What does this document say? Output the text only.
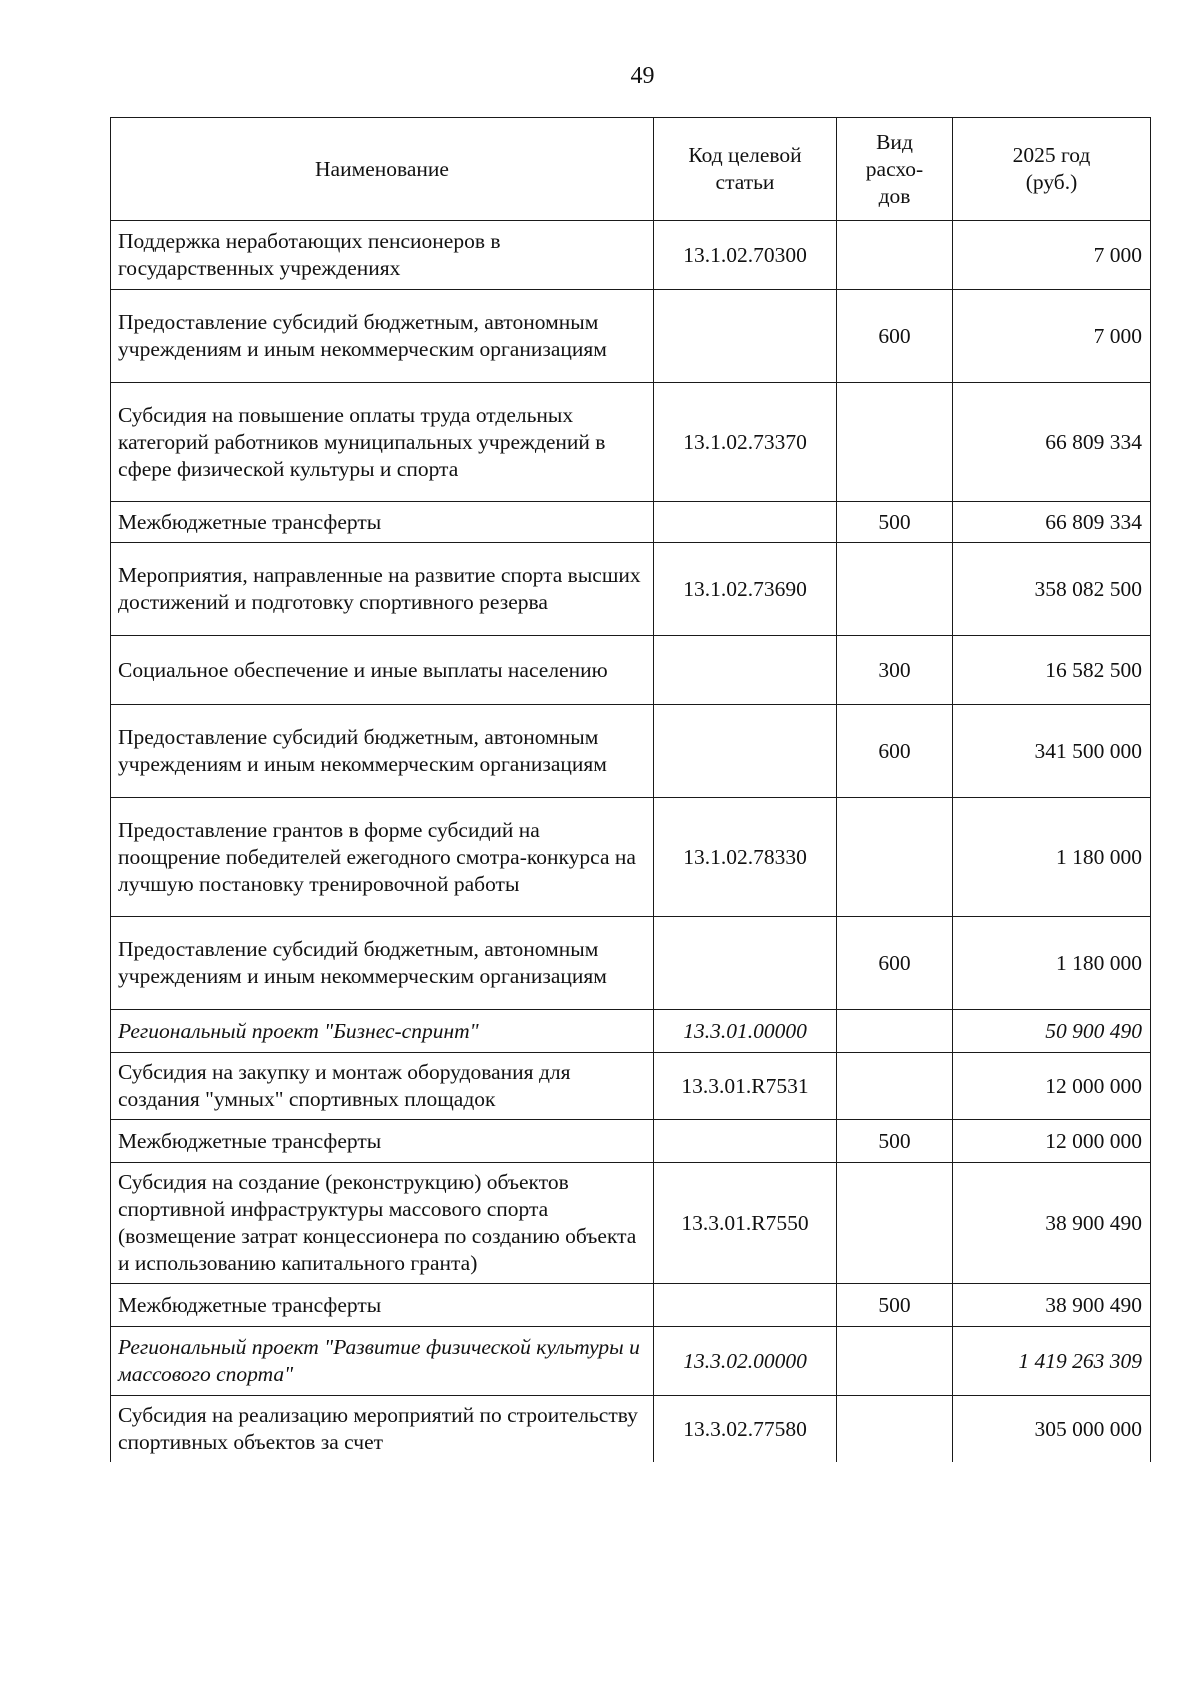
49
Наименование	Код целевой статьи	Вид расхо-дов	2025 год (руб.)
Поддержка неработающих пенсионеров в государственных учреждениях	13.1.02.70300		7 000
Предоставление субсидий бюджетным, автономным учреждениям и иным некоммерческим организациям		600	7 000
Субсидия на повышение оплаты труда отдельных категорий работников муниципальных учреждений в сфере физической культуры и спорта	13.1.02.73370		66 809 334
Межбюджетные трансферты		500	66 809 334
Мероприятия, направленные на развитие спорта высших достижений и подготовку спортивного резерва	13.1.02.73690		358 082 500
Социальное обеспечение и иные выплаты населению		300	16 582 500
Предоставление субсидий бюджетным, автономным учреждениям и иным некоммерческим организациям		600	341 500 000
Предоставление грантов в форме субсидий на поощрение победителей ежегодного смотра-конкурса на лучшую постановку тренировочной работы	13.1.02.78330		1 180 000
Предоставление субсидий бюджетным, автономным учреждениям и иным некоммерческим организациям		600	1 180 000
Региональный проект "Бизнес-спринт"	13.3.01.00000		50 900 490
Субсидия на закупку и монтаж оборудования для создания "умных" спортивных площадок	13.3.01.R7531		12 000 000
Межбюджетные трансферты		500	12 000 000
Субсидия на создание (реконструкцию) объектов спортивной инфраструктуры массового спорта (возмещение затрат концессионера по созданию объекта и использованию капитального гранта)	13.3.01.R7550		38 900 490
Межбюджетные трансферты		500	38 900 490
Региональный проект "Развитие физической культуры и массового спорта"	13.3.02.00000		1 419 263 309
Субсидия на реализацию мероприятий по строительству спортивных объектов за счет	13.3.02.77580		305 000 000
